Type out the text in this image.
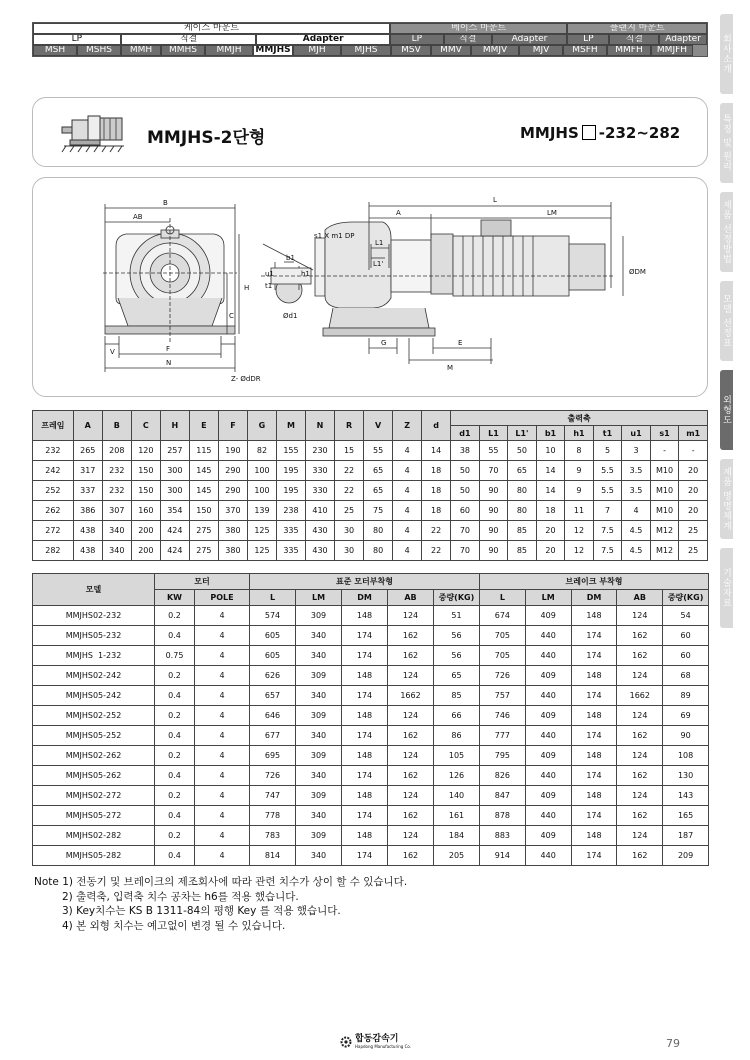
케이스 마운트	베이스 마운트	플랜지 마운트
LP	직결	Adapter	LP	직결	Adapter	LP	직결	Adapter
MSH	MSHS	MMH	MMHS	MMJH	MMJHS	MJH	MJHS	MSV	MMV	MMJV	MJV	MSFH	MMFH	MMJFH	회사소개
특징 및 원리
제품 선정방법
모델 선정표
외형도
제품 명명체계
기술자료
MMJHS-2단형	MMJHS -232~282
B
AB
H
C
V	F
N
Z- ØdDR
u1
b1
t1
h1
Ød1
s1 X m1 DP
L
A	LM
L1
L1'
G	E
M
ØDM
프레임	A	B	C	H	E	F	G	M	N	R	V	Z	d	출력축								
														d1	L1	L1'	b1	h1	t1	u1	s1	m1
232	265	208	120	257	115	190	82	155	230	15	55	4	14	38	55	50	10	8	5	3	-	-
242	317	232	150	300	145	290	100	195	330	22	65	4	18	50	70	65	14	9	5.5	3.5	M10	20
252	337	232	150	300	145	290	100	195	330	22	65	4	18	50	90	80	14	9	5.5	3.5	M10	20
262	386	307	160	354	150	370	139	238	410	25	75	4	18	60	90	80	18	11	7	4	M10	20
272	438	340	200	424	275	380	125	335	430	30	80	4	22	70	90	85	20	12	7.5	4.5	M12	25
282	438	340	200	424	275	380	125	335	430	30	80	4	22	70	90	85	20	12	7.5	4.5	M12	25
모델	모터		표준 모터부착형					브레이크 부착형				
	KW	POLE	L	LM	DM	AB	중량(KG)	L	LM	DM	AB	중량(KG)
MMJHS02-232	0.2	4	574	309	148	124	51	674	409	148	124	54
MMJHS05-232	0.4	4	605	340	174	162	56	705	440	174	162	60
MMJHS  1-232	0.75	4	605	340	174	162	56	705	440	174	162	60
MMJHS02-242	0.2	4	626	309	148	124	65	726	409	148	124	68
MMJHS05-242	0.4	4	657	340	174	1662	85	757	440	174	1662	89
MMJHS02-252	0.2	4	646	309	148	124	66	746	409	148	124	69
MMJHS05-252	0.4	4	677	340	174	162	86	777	440	174	162	90
MMJHS02-262	0.2	4	695	309	148	124	105	795	409	148	124	108
MMJHS05-262	0.4	4	726	340	174	162	126	826	440	174	162	130
MMJHS02-272	0.2	4	747	309	148	124	140	847	409	148	124	143
MMJHS05-272	0.4	4	778	340	174	162	161	878	440	174	162	165
MMJHS02-282	0.2	4	783	309	148	124	184	883	409	148	124	187
MMJHS05-282	0.4	4	814	340	174	162	205	914	440	174	162	209
Note 1) 전동기 및 브레이크의 제조회사에 따라 관련 치수가 상이 할 수 있습니다.
2) 출력축, 입력축 치수 공차는 h6를 적용 했습니다.
3) Key치수는 KS B 1311-84의 평행 Key 를 적용 했습니다.
4) 본 외형 치수는 예고없이 변경 될 수 있습니다.
합동감속기
Hapdong Manufacturing Co.	79
